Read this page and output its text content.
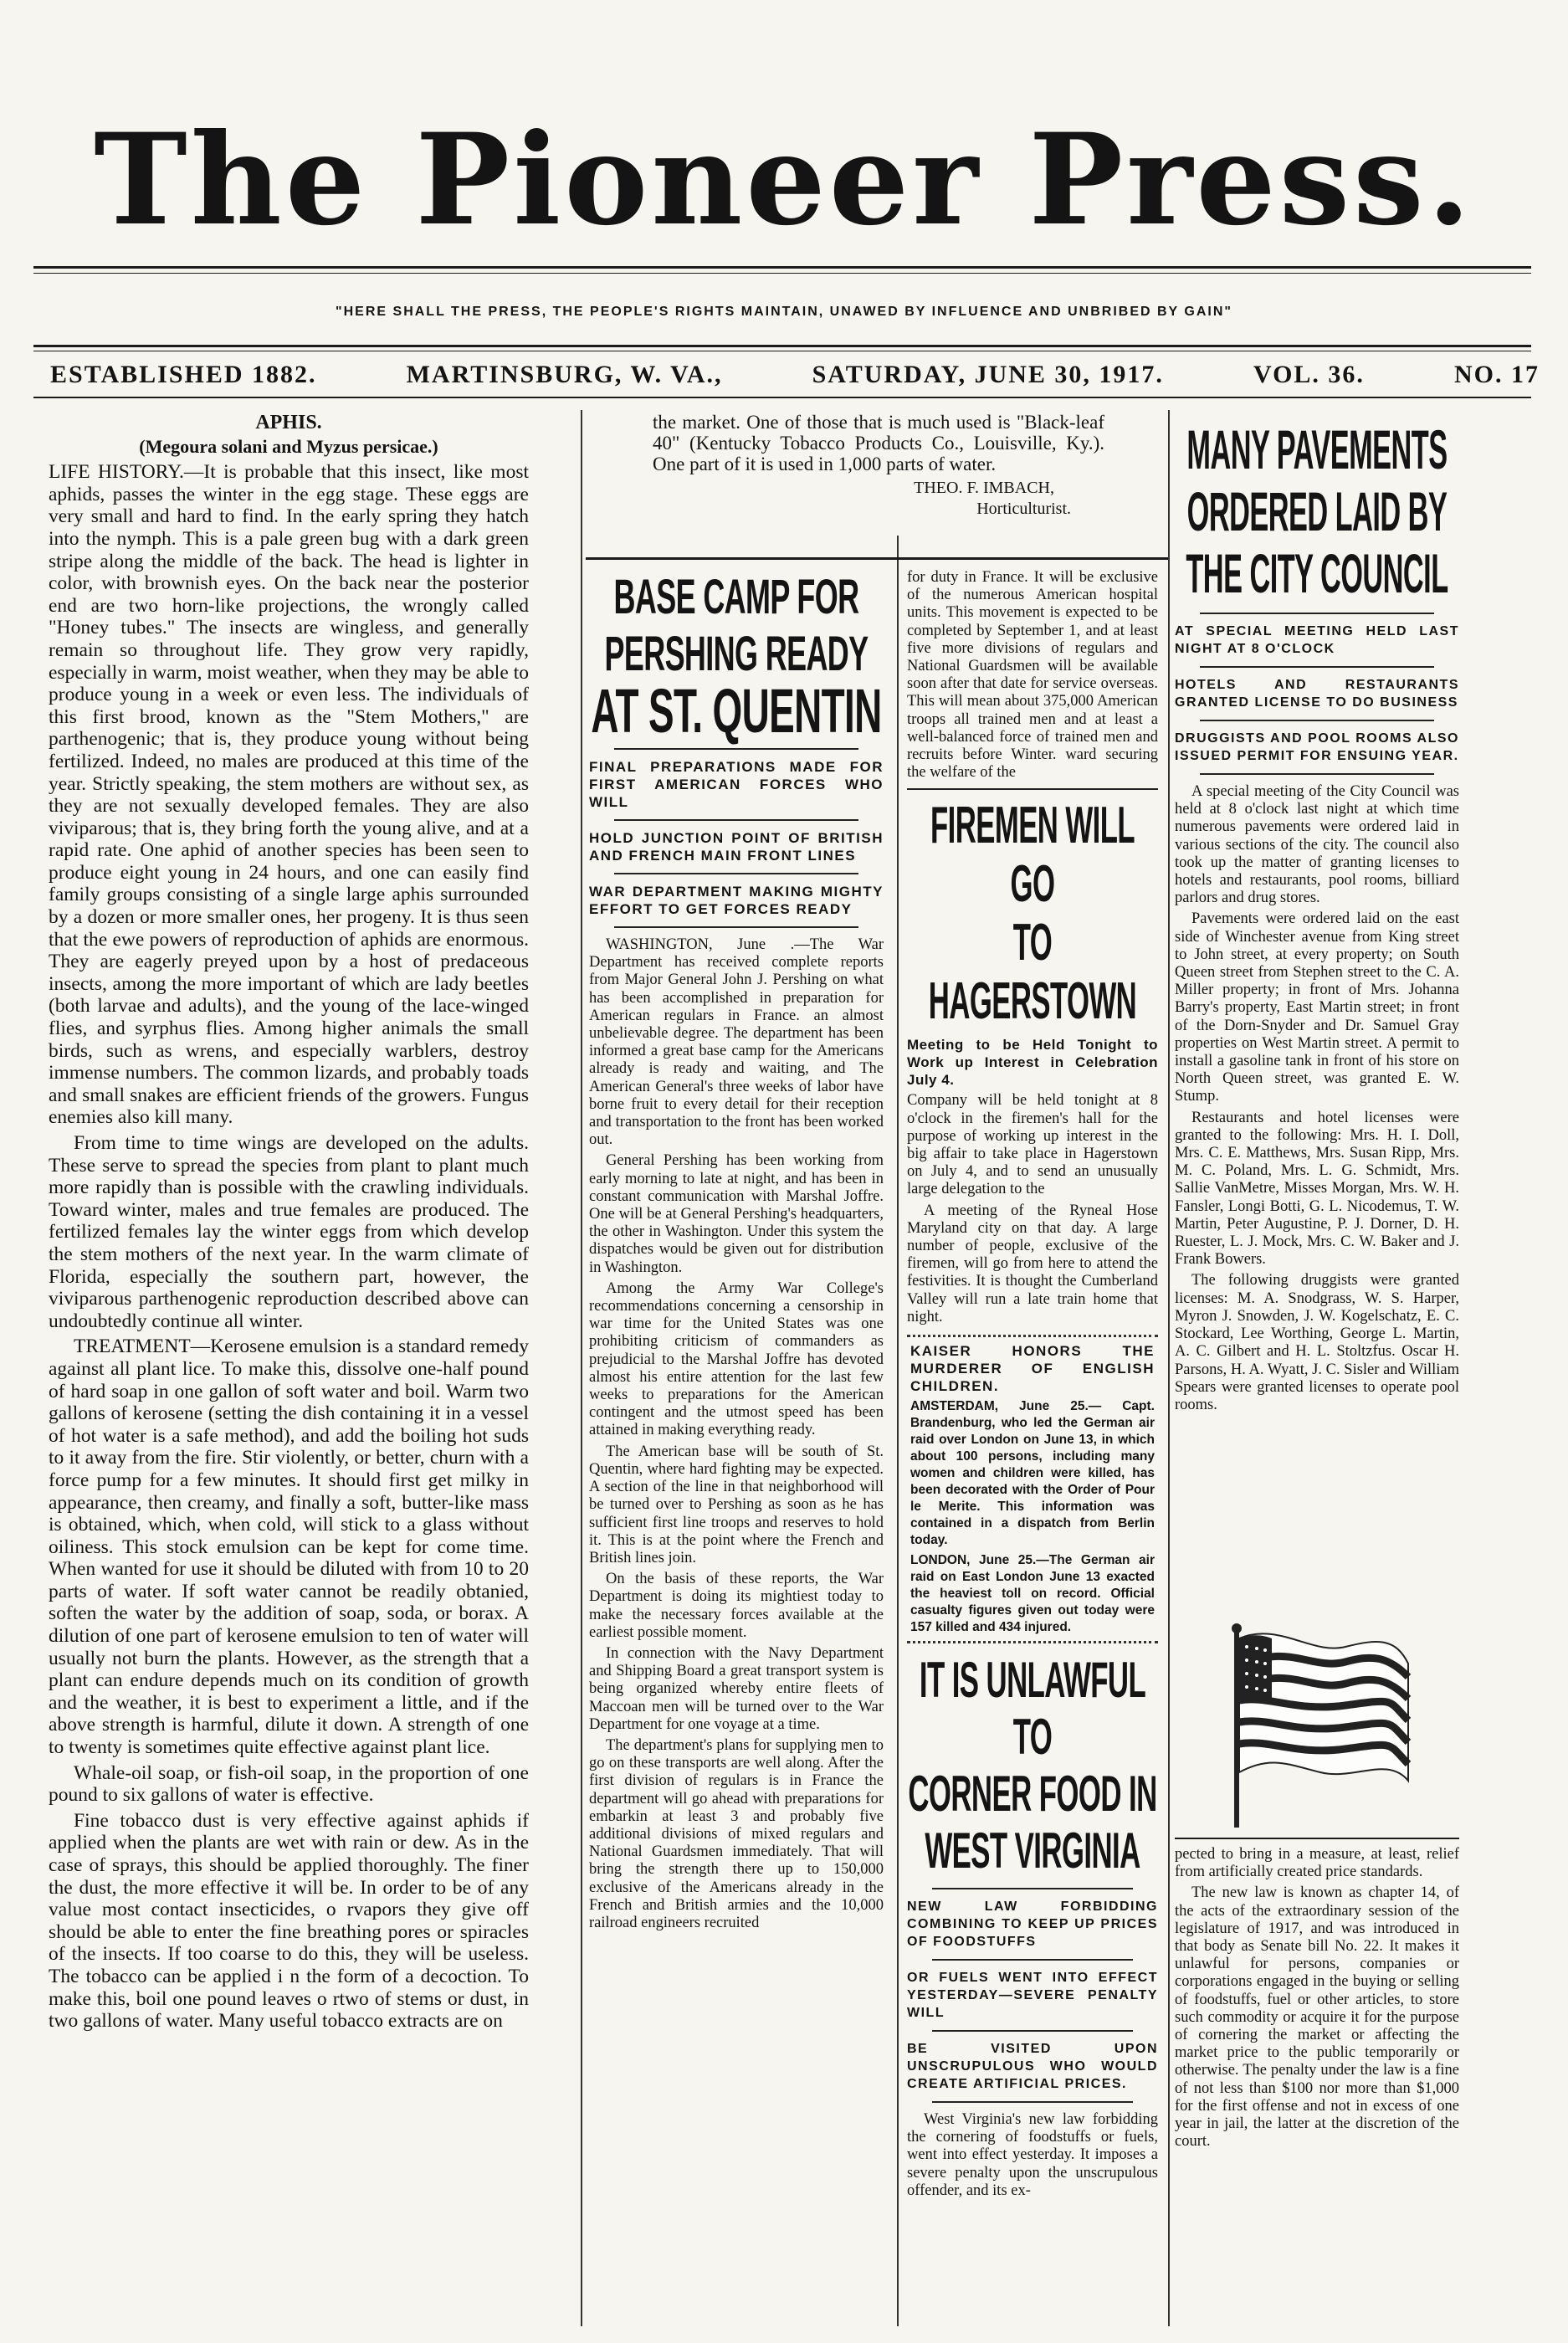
The Pioneer Press.
"HERE SHALL THE PRESS, THE PEOPLE'S RIGHTS MAINTAIN, UNAWED BY INFLUENCE AND UNBRIBED BY GAIN"
ESTABLISHED 1882.	MARTINSBURG, W. VA.,	SATURDAY, JUNE 30, 1917.	VOL. 36.	NO. 17

APHIS.

(Megoura solani and Myzus persicae.)

LIFE HISTORY.—It is probable that this insect, like most aphids, passes the winter in the egg stage. These eggs are very small and hard to find. In the early spring they hatch into the nymph. This is a pale green bug with a dark green stripe along the middle of the back. The head is lighter in color, with brownish eyes. On the back near the posterior end are two horn-like projections, the wrongly called "Honey tubes." The insects are wingless, and generally remain so throughout life. They grow very rapidly, especially in warm, moist weather, when they may be able to produce young in a week or even less. The individuals of this first brood, known as the "Stem Mothers," are parthenogenic; that is, they produce young without being fertilized. Indeed, no males are produced at this time of the year. Strictly speaking, the stem mothers are without sex, as they are not sexually developed females. They are also viviparous; that is, they bring forth the young alive, and at a rapid rate. One aphid of another species has been seen to produce eight young in 24 hours, and one can easily find family groups consisting of a single large aphis surrounded by a dozen or more smaller ones, her progeny. It is thus seen that the ewe powers of reproduction of aphids are enormous. They are eagerly preyed upon by a host of predaceous insects, among the more important of which are lady beetles (both larvae and adults), and the young of the lace-winged flies, and syrphus flies. Among higher animals the small birds, such as wrens, and especially warblers, destroy immense numbers. The common lizards, and probably toads and small snakes are efficient friends of the growers. Fungus enemies also kill many.

From time to time wings are developed on the adults. These serve to spread the species from plant to plant much more rapidly than is possible with the crawling individuals. Toward winter, males and true females are produced. The fertilized females lay the winter eggs from which develop the stem mothers of the next year. In the warm climate of Florida, especially the southern part, however, the viviparous parthenogenic reproduction described above can undoubtedly continue all winter.

TREATMENT—Kerosene emulsion is a standard remedy against all plant lice. To make this, dissolve one-half pound of hard soap in one gallon of soft water and boil. Warm two gallons of kerosene (setting the dish containing it in a vessel of hot water is a safe method), and add the boiling hot suds to it away from the fire. Stir violently, or better, churn with a force pump for a few minutes. It should first get milky in appearance, then creamy, and finally a soft, butter-like mass is obtained, which, when cold, will stick to a glass without oiliness. This stock emulsion can be kept for come time. When wanted for use it should be diluted with from 10 to 20 parts of water. If soft water cannot be readily obtanied, soften the water by the addition of soap, soda, or borax. A dilution of one part of kerosene emulsion to ten of water will usually not burn the plants. However, as the strength that a plant can endure depends much on its condition of growth and the weather, it is best to experiment a little, and if the above strength is harmful, dilute it down. A strength of one to twenty is sometimes quite effective against plant lice.

Whale-oil soap, or fish-oil soap, in the proportion of one pound to six gallons of water is effective.

Fine tobacco dust is very effective against aphids if applied when the plants are wet with rain or dew. As in the case of sprays, this should be applied thoroughly. The finer the dust, the more effective it will be. In order to be of any value most contact insecticides, o rvapors they give off should be able to enter the fine breathing pores or spiracles of the insects. If too coarse to do this, they will be useless. The tobacco can be applied i n the form of a decoction. To make this, boil one pound leaves o rtwo of stems or dust, in two gallons of water. Many useful tobacco extracts are on

the market. One of those that is much used is "Black-leaf 40" (Kentucky Tobacco Products Co., Louisville, Ky.). One part of it is used in 1,000 parts of water.

THEO. F. IMBACH,

Horticulturist.

BASE CAMP FOR
PERSHING READY
AT ST. QUENTIN

FINAL PREPARATIONS MADE FOR FIRST AMERICAN FORCES WHO WILL

HOLD JUNCTION POINT OF BRITISH AND FRENCH MAIN FRONT LINES

WAR DEPARTMENT MAKING MIGHTY EFFORT TO GET FORCES READY

WASHINGTON, June .—The War Department has received complete reports from Major General John J. Pershing on what has been accomplished in preparation for American regulars in France. an almost unbelievable degree. The department has been informed a great base camp for the Americans already is ready and waiting, and The American General's three weeks of labor have borne fruit to every detail for their reception and transportation to the front has been worked out.

General Pershing has been working from early morning to late at night, and has been in constant communication with Marshal Joffre. One will be at General Pershing's headquarters, the other in Washington. Under this system the dispatches would be given out for distribution in Washington.

Among the Army War College's recommendations concerning a censorship in war time for the United States was one prohibiting criticism of commanders as prejudicial to the Marshal Joffre has devoted almost his entire attention for the last few weeks to preparations for the American contingent and the utmost speed has been attained in making everything ready.

The American base will be south of St. Quentin, where hard fighting may be expected. A section of the line in that neighborhood will be turned over to Pershing as soon as he has sufficient first line troops and reserves to hold it. This is at the point where the French and British lines join.

On the basis of these reports, the War Department is doing its mightiest today to make the necessary forces available at the earliest possible moment.

In connection with the Navy Department and Shipping Board a great transport system is being organized whereby entire fleets of Maccoan men will be turned over to the War Department for one voyage at a time.

The department's plans for supplying men to go on these transports are well along. After the first division of regulars is in France the department will go ahead with preparations for embarkin at least 3 and probably five additional divisions of mixed regulars and National Guardsmen immediately. That will bring the strength there up to 150,000 exclusive of the Americans already in the French and British armies and the 10,000 railroad engineers recruited

for duty in France. It will be exclusive of the numerous American hospital units. This movement is expected to be completed by September 1, and at least five more divisions of regulars and National Guardsmen will be available soon after that date for service overseas. This will mean about 375,000 American troops all trained men and at least a well-balanced force of trained men and recruits before Winter. ward securing the welfare of the

FIREMEN WILL GO
TO HAGERSTOWN

Meeting to be Held Tonight to Work up Interest in Celebration July 4.

Company will be held tonight at 8 o'clock in the firemen's hall for the purpose of working up interest in the big affair to take place in Hagerstown on July 4, and to send an unusually large delegation to the

A meeting of the Ryneal Hose Maryland city on that day. A large number of people, exclusive of the firemen, will go from here to attend the festivities. It is thought the Cumberland Valley will run a late train home that night.

KAISER HONORS THE MURDERER OF ENGLISH CHILDREN.

AMSTERDAM, June 25.— Capt. Brandenburg, who led the German air raid over London on June 13, in which about 100 persons, including many women and children were killed, has been decorated with the Order of Pour le Merite. This information was contained in a dispatch from Berlin today.

LONDON, June 25.—The German air raid on East London June 13 exacted the heaviest toll on record. Official casualty figures given out today were 157 killed and 434 injured.

IT IS UNLAWFUL TO
CORNER FOOD IN
WEST VIRGINIA

NEW LAW FORBIDDING COMBINING TO KEEP UP PRICES OF FOODSTUFFS

OR FUELS WENT INTO EFFECT YESTERDAY—SEVERE PENALTY WILL

BE VISITED UPON UNSCRUPULOUS WHO WOULD CREATE ARTIFICIAL PRICES.

West Virginia's new law forbidding the cornering of foodstuffs or fuels, went into effect yesterday. It imposes a severe penalty upon the unscrupulous offender, and its ex-

MANY PAVEMENTS
ORDERED LAID BY
THE CITY COUNCIL

AT SPECIAL MEETING HELD LAST NIGHT AT 8 O'CLOCK

HOTELS AND RESTAURANTS GRANTED LICENSE TO DO BUSINESS

DRUGGISTS AND POOL ROOMS ALSO ISSUED PERMIT FOR ENSUING YEAR.

A special meeting of the City Council was held at 8 o'clock last night at which time numerous pavements were ordered laid in various sections of the city. The council also took up the matter of granting licenses to hotels and restaurants, pool rooms, billiard parlors and drug stores.

Pavements were ordered laid on the east side of Winchester avenue from King street to John street, at every property; on South Queen street from Stephen street to the C. A. Miller property; in front of Mrs. Johanna Barry's property, East Martin street; in front of the Dorn-Snyder and Dr. Samuel Gray properties on West Martin street. A permit to install a gasoline tank in front of his store on North Queen street, was granted E. W. Stump.

Restaurants and hotel licenses were granted to the following: Mrs. H. I. Doll, Mrs. C. E. Matthews, Mrs. Susan Ripp, Mrs. M. C. Poland, Mrs. L. G. Schmidt, Mrs. Sallie VanMetre, Misses Morgan, Mrs. W. H. Fansler, Longi Botti, G. L. Nicodemus, T. W. Martin, Peter Augustine, P. J. Dorner, D. H. Ruester, L. J. Mock, Mrs. C. W. Baker and J. Frank Bowers.

The following druggists were granted licenses: M. A. Snodgrass, W. S. Harper, Myron J. Snowden, J. W. Kogelschatz, E. C. Stockard, Lee Worthing, George L. Martin, A. C. Gilbert and H. L. Stoltzfus. Oscar H. Parsons, H. A. Wyatt, J. C. Sisler and William Spears were granted licenses to operate pool rooms.

pected to bring in a measure, at least, relief from artificially created price standards.

The new law is known as chapter 14, of the acts of the extraordinary session of the legislature of 1917, and was introduced in that body as Senate bill No. 22. It makes it unlawful for persons, companies or corporations engaged in the buying or selling of foodstuffs, fuel or other articles, to store such commodity or acquire it for the purpose of cornering the market or affecting the market price to the public temporarily or otherwise. The penalty under the law is a fine of not less than $100 nor more than $1,000 for the first offense and not in excess of one year in jail, the latter at the discretion of the court.
